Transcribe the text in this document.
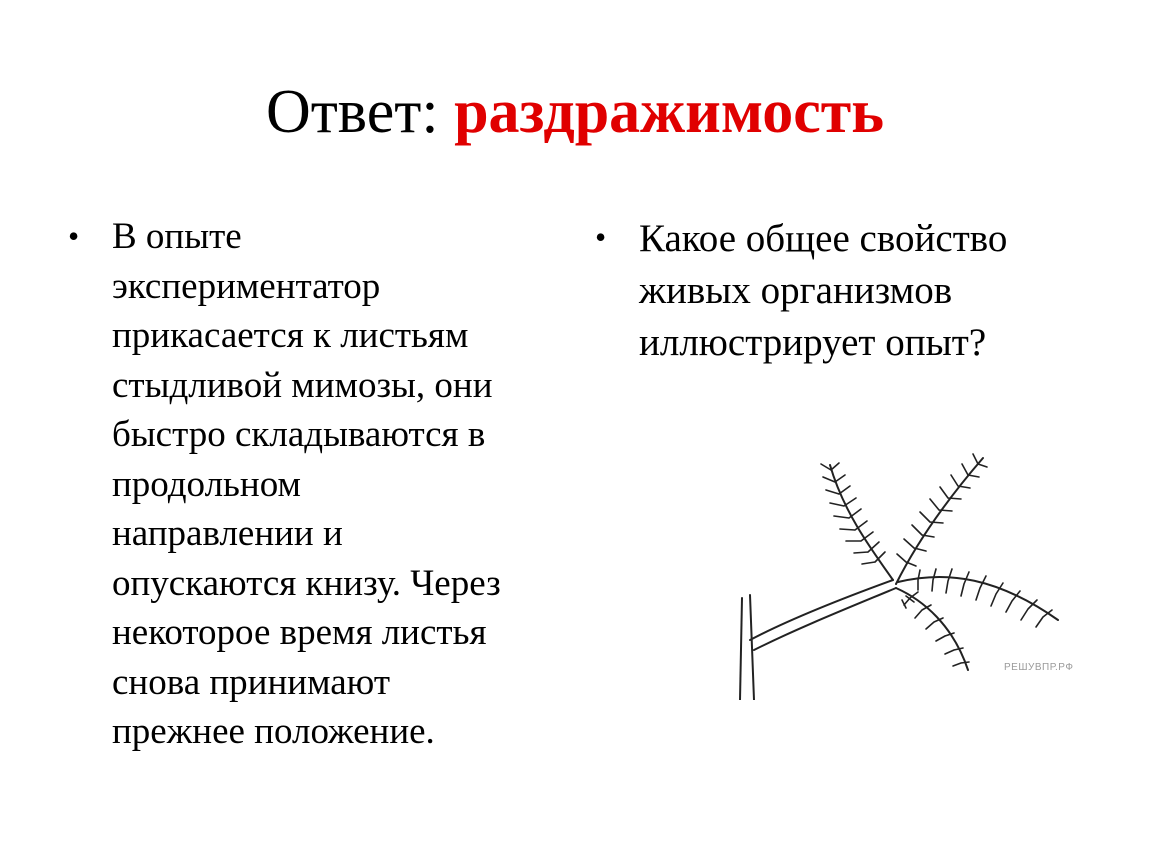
Ответ: раздражимость
• В опыте
экспериментатор
прикасается к листьям
стыдливой мимозы, они
быстро складываются в
продольном
направлении и
опускаются книзу. Через
некоторое время листья
снова принимают
прежнее положение.
• Какое общее свойство
живых организмов
иллюстрирует опыт?
РЕШУВПР.РФ
